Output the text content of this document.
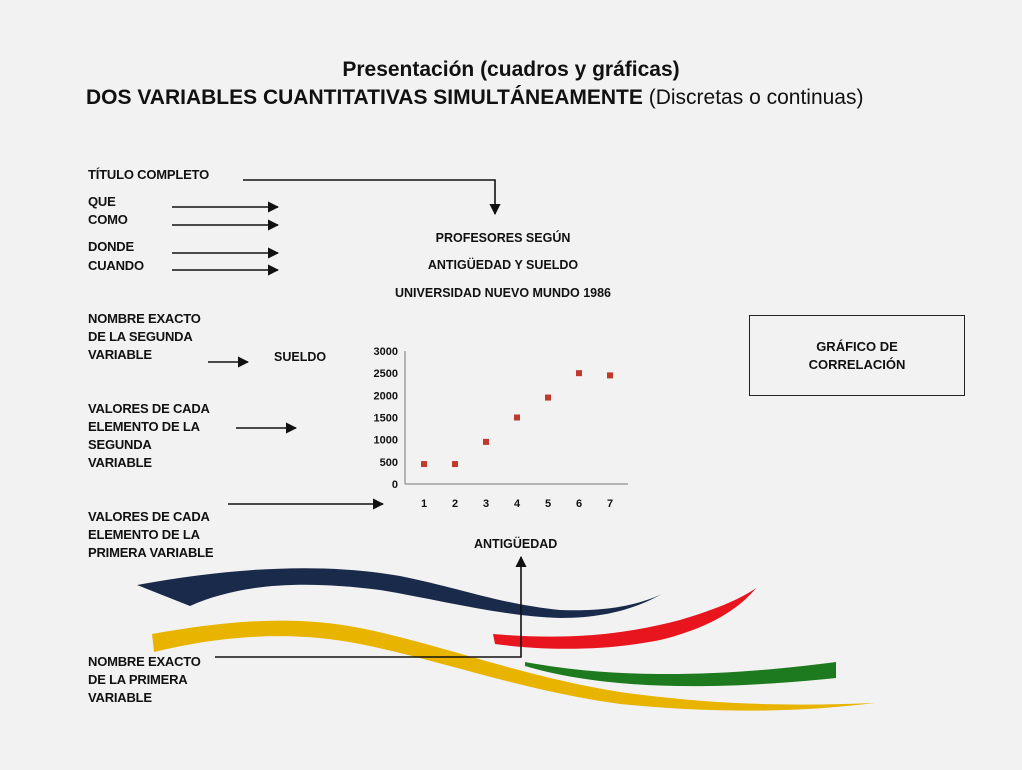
Presentación (cuadros y gráficas)
DOS VARIABLES CUANTITATIVAS SIMULTÁNEAMENTE (Discretas o continuas)
TÍTULO COMPLETO
QUE
COMO
DONDE
CUANDO
NOMBRE EXACTO
DE LA SEGUNDA
VARIABLE
VALORES DE CADA
ELEMENTO DE LA
SEGUNDA
VARIABLE
VALORES DE CADA
ELEMENTO DE LA
PRIMERA VARIABLE
NOMBRE EXACTO
DE LA PRIMERA
VARIABLE
PROFESORES SEGÚN
ANTIGÜEDAD Y SUELDO
UNIVERSIDAD NUEVO MUNDO 1986
SUELDO
ANTIGÜEDAD
GRÁFICO DE
CORRELACIÓN
0
500
1000
1500
2000
2500
3000
1 2 3 4 5 6 7
